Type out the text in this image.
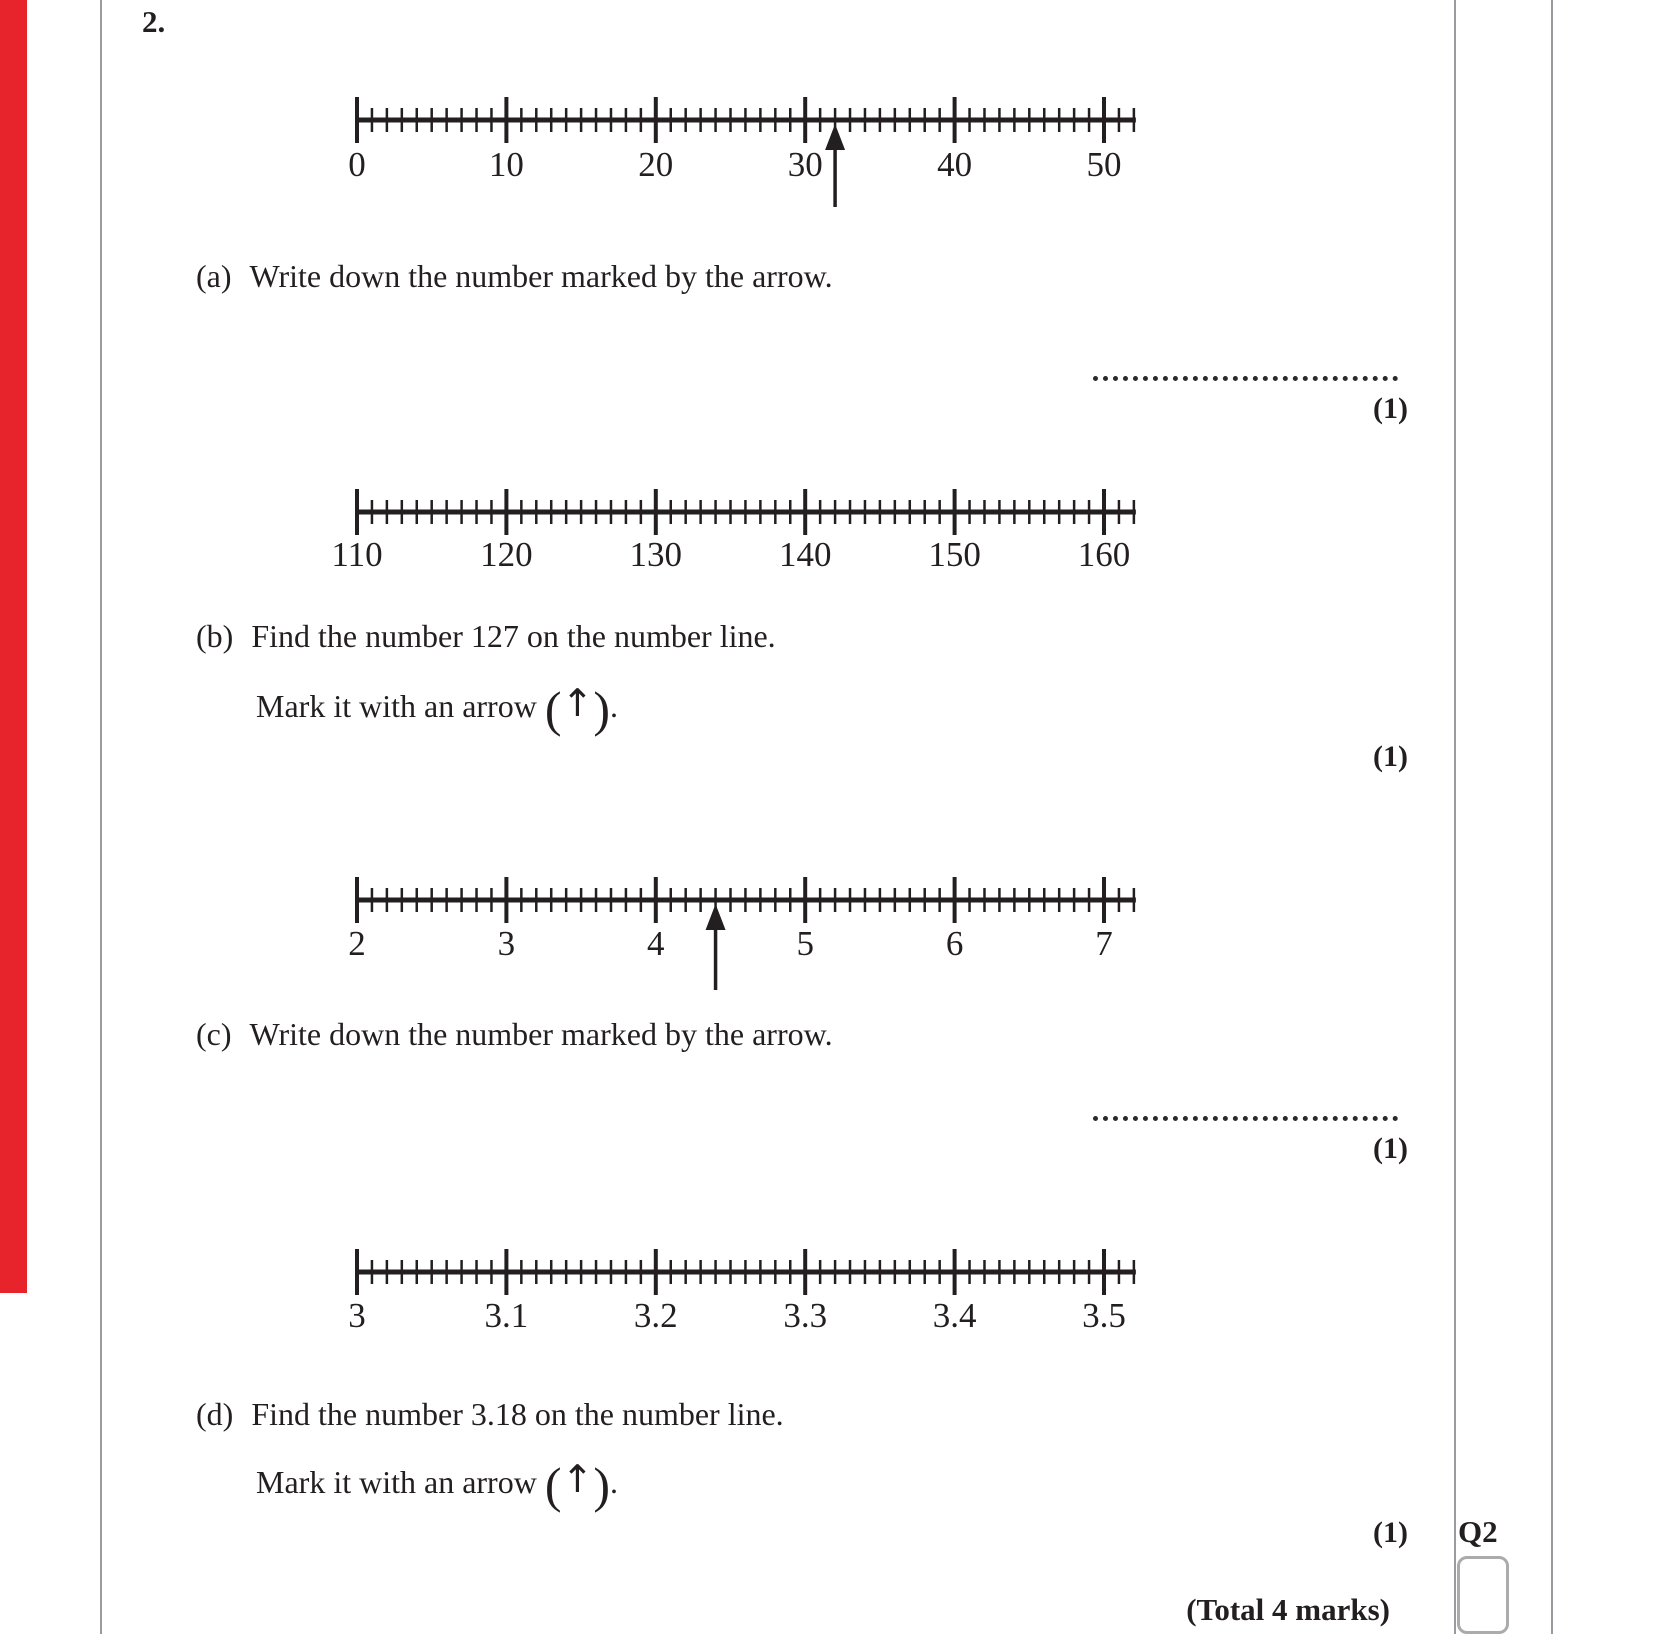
2.
0	10	20	30	40	50
110	120	130	140	150	160
2	3	4	5	6	7
3	3.1	3.2	3.3	3.4	3.5
(a) Write down the number marked by the arrow.
(1)
(b) Find the number 127 on the number line.
Mark it with an arrow (↑).
(1)
(c) Write down the number marked by the arrow.
(1)
(d) Find the number 3.18 on the number line.
Mark it with an arrow (↑).
(1) Q2
(Total 4 marks)
